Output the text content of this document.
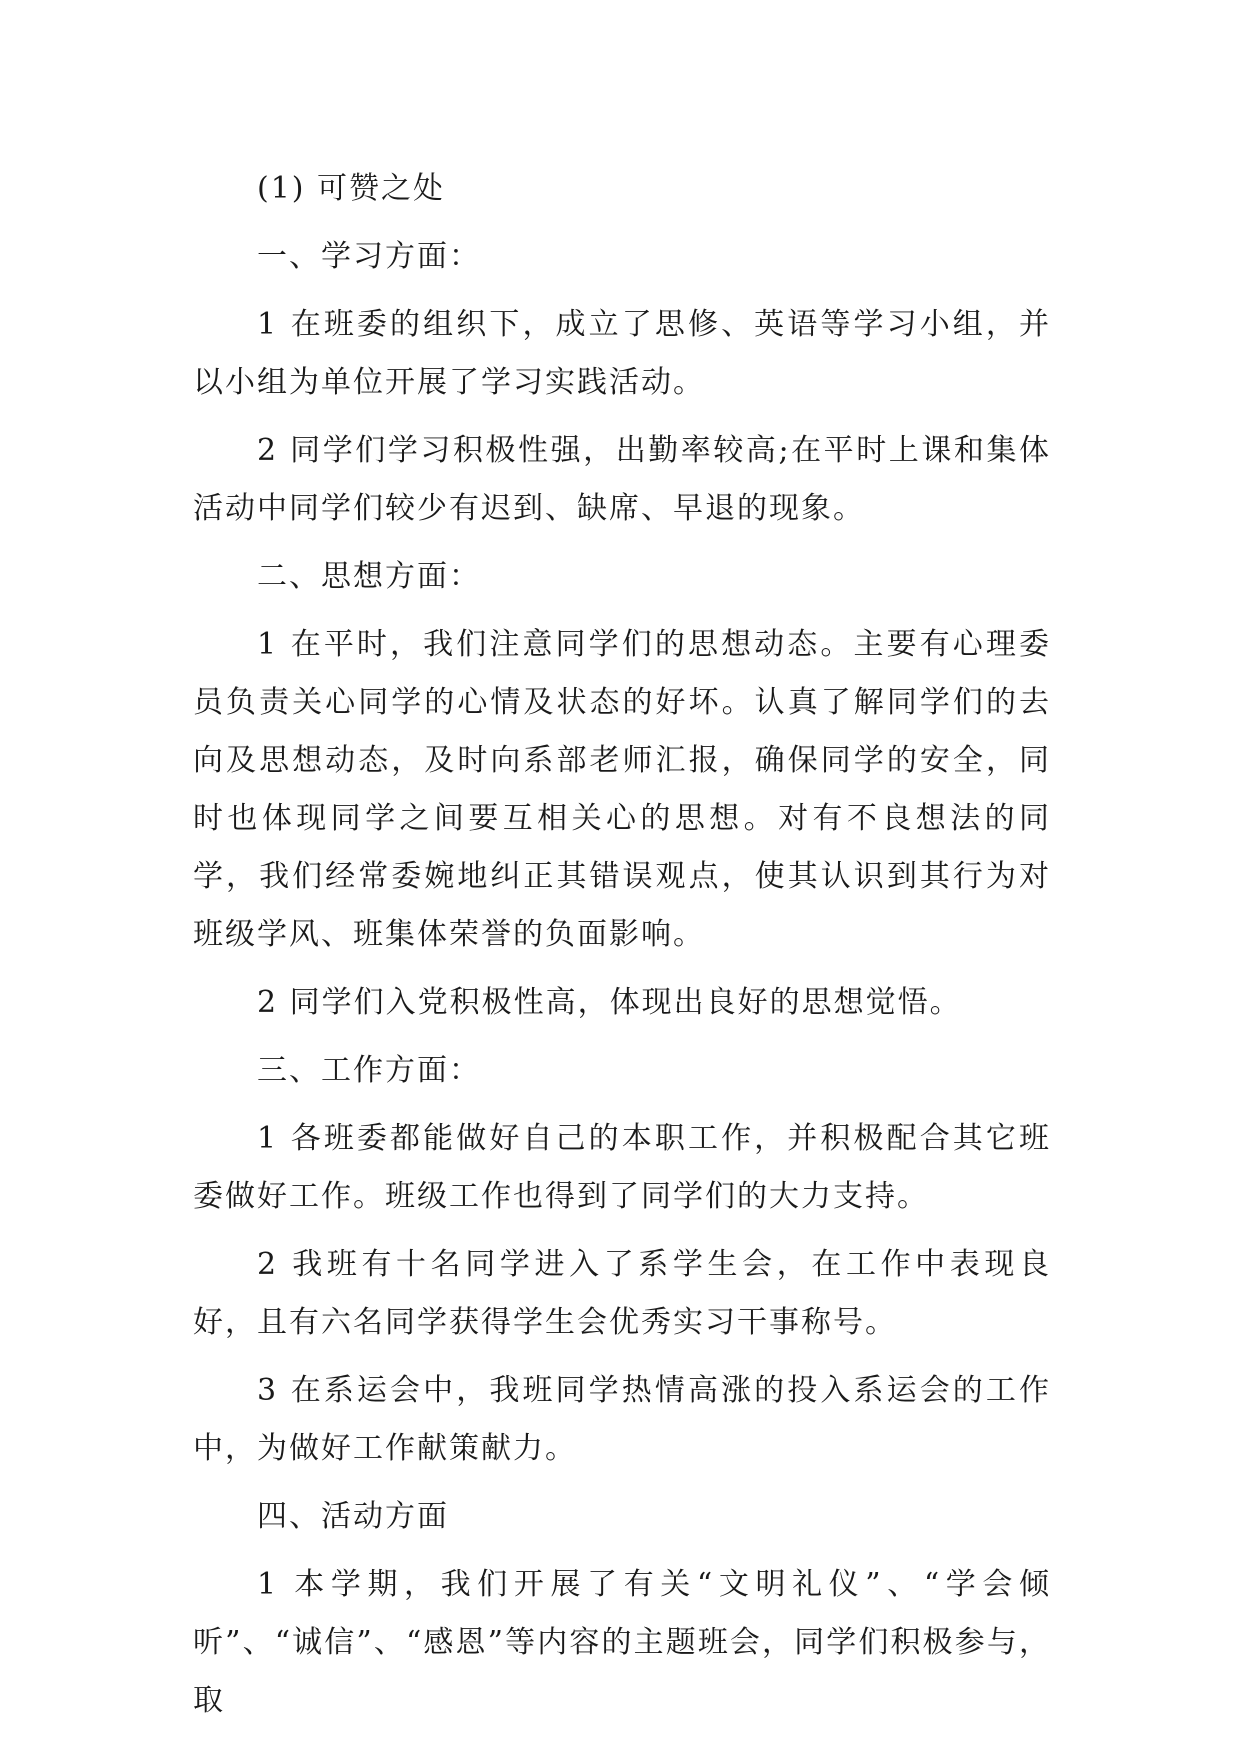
(1) 可赞之处

一、学习方面：

1 在班委的组织下，成立了思修、英语等学习小组，并以小组为单位开展了学习实践活动。

2 同学们学习积极性强，出勤率较高;在平时上课和集体活动中同学们较少有迟到、缺席、早退的现象。

二、思想方面：

1 在平时，我们注意同学们的思想动态。主要有心理委员负责关心同学的心情及状态的好坏。认真了解同学们的去向及思想动态，及时向系部老师汇报，确保同学的安全，同时也体现同学之间要互相关心的思想。对有不良想法的同学，我们经常委婉地纠正其错误观点，使其认识到其行为对班级学风、班集体荣誉的负面影响。

2 同学们入党积极性高，体现出良好的思想觉悟。

三、工作方面：

1 各班委都能做好自己的本职工作，并积极配合其它班委做好工作。班级工作也得到了同学们的大力支持。

2 我班有十名同学进入了系学生会，在工作中表现良好，且有六名同学获得学生会优秀实习干事称号。

3 在系运会中，我班同学热情高涨的投入系运会的工作中，为做好工作献策献力。

四、活动方面

1 本学期，我们开展了有关“文明礼仪”、“学会倾听”、“诚信”、“感恩”等内容的主题班会，同学们积极参与，取
